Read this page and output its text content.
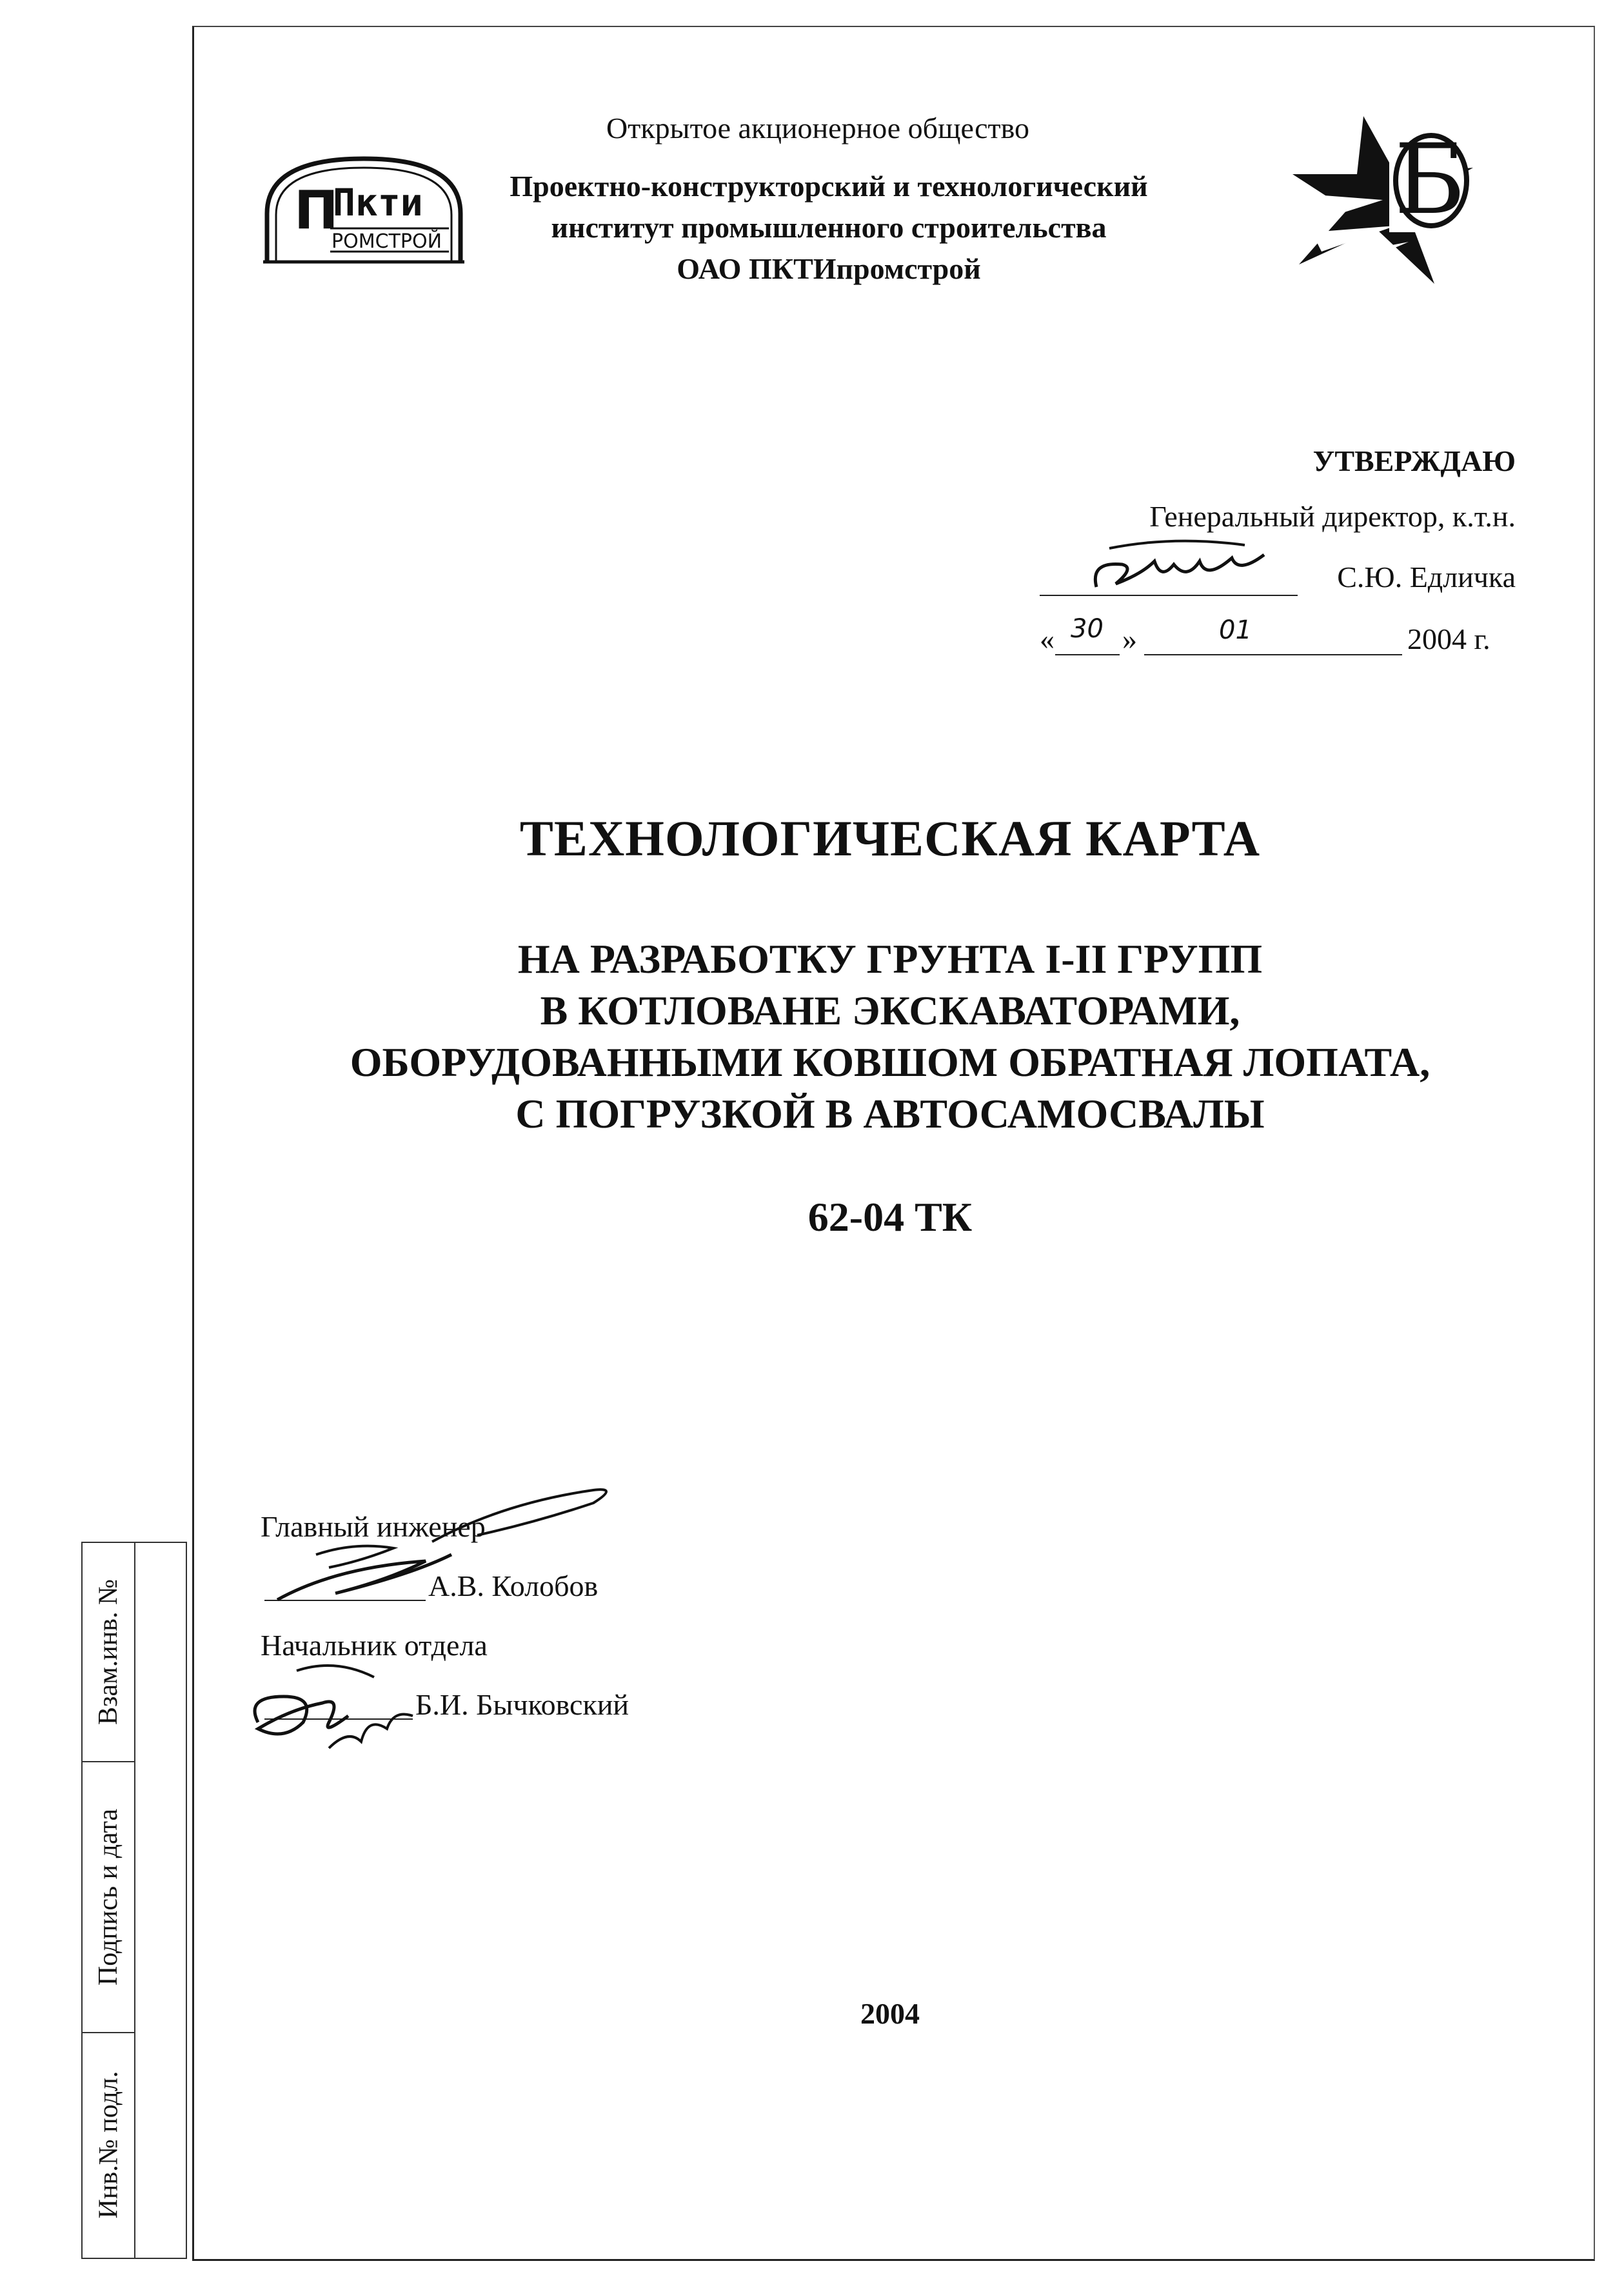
П
Пкти
РОМСТРОЙ
Открытое акционерное общество
Проектно-конструкторский и технологический
институт промышленного строительства
ОАО ПКТИпромстрой
Б
УТВЕРЖДАЮ
Генеральный директор, к.т.н.
С.Ю. Едличка
« 30 »	01	2004 г.
ТЕХНОЛОГИЧЕСКАЯ КАРТА
НА РАЗРАБОТКУ ГРУНТА I-II ГРУПП
В КОТЛОВАНЕ ЭКСКАВАТОРАМИ,
ОБОРУДОВАННЫМИ КОВШОМ ОБРАТНАЯ ЛОПАТА,
С ПОГРУЗКОЙ В АВТОСАМОСВАЛЫ
62-04 ТК
Главный инженер
А.В. Колобов
Начальник отдела
Б.И. Бычковский
2004
Взам.инв. №
Подпись и дата
Инв.№ подл.
